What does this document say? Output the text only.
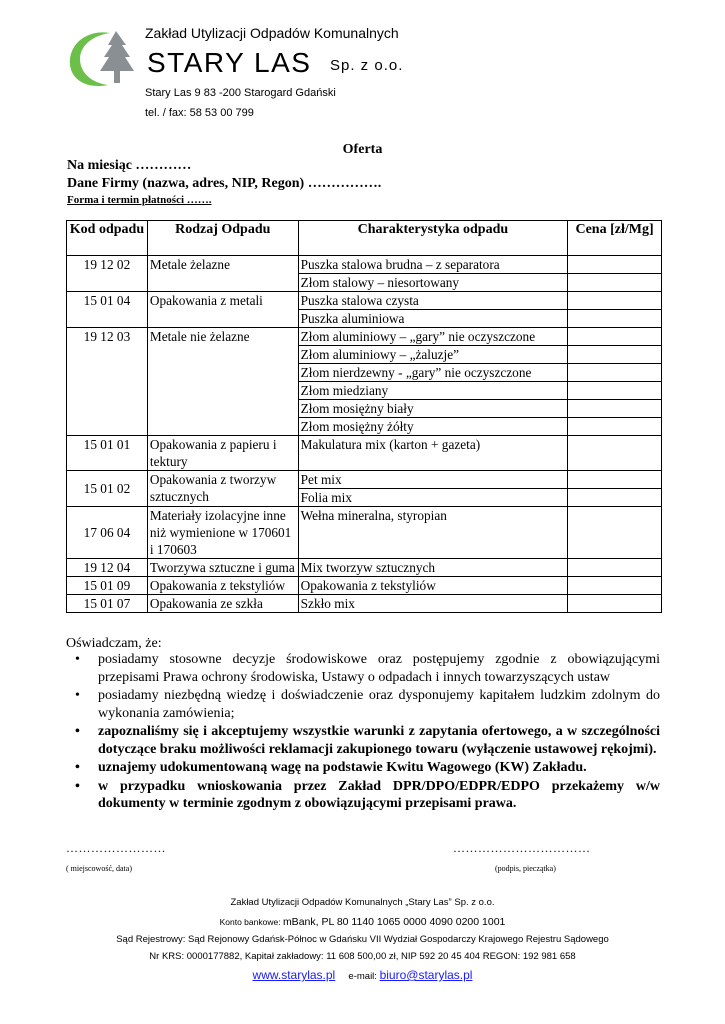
Zakład Utylizacji Odpadów Komunalnych
STARY LAS Sp. z o.o.
Stary Las 9 83 -200 Starogard Gdański
tel. / fax: 58 53 00 799
Oferta
Na miesiąc …………
Dane Firmy (nazwa, adres, NIP, Regon) …………….
Forma i termin płatności …….
Kod odpadu	Rodzaj Odpadu	Charakterystyka odpadu	Cena [zł/Mg]
19 12 02	Metale żelazne	Puszka stalowa brudna – z separatora	
		Złom stalowy – niesortowany	
15 01 04	Opakowania z metali	Puszka stalowa czysta	
		Puszka aluminiowa	
19 12 03	Metale nie żelazne	Złom aluminiowy – „gary” nie oczyszczone	
		Złom aluminiowy – „żaluzje”	
		Złom nierdzewny - „gary” nie oczyszczone	
		Złom miedziany	
		Złom mosiężny biały	
		Złom mosiężny żółty	
15 01 01	Opakowania z papieru i tektury	Makulatura mix (karton + gazeta)	
15 01 02	Opakowania z tworzyw sztucznych	Pet mix	
		Folia mix	
17 06 04	Materiały izolacyjne inne niż wymienione w 170601 i 170603	Wełna mineralna, styropian	
19 12 04	Tworzywa sztuczne i guma	Mix tworzyw sztucznych	
15 01 09	Opakowania z tekstyliów	Opakowania z tekstyliów	
15 01 07	Opakowania ze szkła	Szkło mix	
Oświadczam, że:
• posiadamy stosowne decyzje środowiskowe oraz postępujemy zgodnie z obowiązującymi przepisami Prawa ochrony środowiska, Ustawy o odpadach i innych towarzyszących ustaw
• posiadamy niezbędną wiedzę i doświadczenie oraz dysponujemy kapitałem ludzkim zdolnym do wykonania zamówienia;
• zapoznaliśmy się i akceptujemy wszystkie warunki z zapytania ofertowego, a w szczególności dotyczące braku możliwości reklamacji zakupionego towaru (wyłączenie ustawowej rękojmi).
• uznajemy udokumentowaną wagę na podstawie Kwitu Wagowego (KW) Zakładu.
• w przypadku wnioskowania przez Zakład DPR/DPO/EDPR/EDPO przekażemy w/w dokumenty w terminie zgodnym z obowiązującymi przepisami prawa.
……………………	……………………………
( miejscowość, data)	(podpis, pieczątka)
Zakład Utylizacji Odpadów Komunalnych „Stary Las” Sp. z o.o.
Konto bankowe: mBank, PL 80 1140 1065 0000 4090 0200 1001
Sąd Rejestrowy: Sąd Rejonowy Gdańsk-Północ w Gdańsku VII Wydział Gospodarczy Krajowego Rejestru Sądowego
Nr KRS: 0000177882, Kapitał zakładowy: 11 608 500,00 zł, NIP 592 20 45 404 REGON: 192 981 658
www.starylas.pl e-mail: biuro@starylas.pl
